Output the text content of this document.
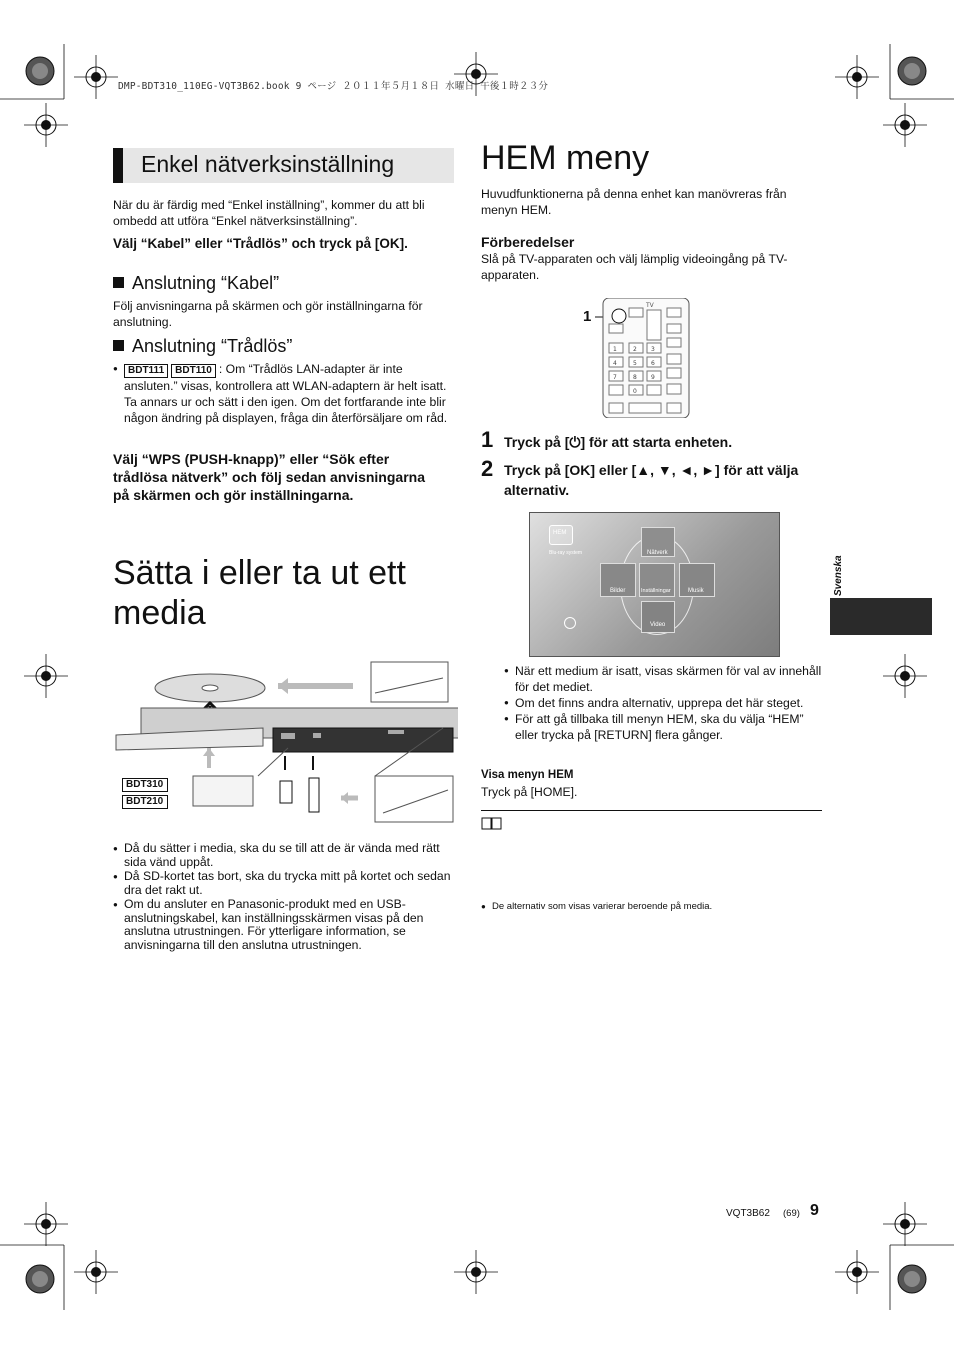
DMP-BDT310_110EG-VQT3B62.book 9 ページ ２０１１年５月１８日 水曜日 午後１時２３分
Enkel nätverksinställning
När du är färdig med “Enkel inställning”, kommer du att bli ombedd att utföra “Enkel nätverksinställning”.
Välj “Kabel” eller “Trådlös” och tryck på [OK].
Anslutning “Kabel”
Följ anvisningarna på skärmen och gör inställningarna för anslutning.
Anslutning “Trådlös”
● BDT111 BDT110 : Om “Trådlös LAN-adapter är inte ansluten.” visas, kontrollera att WLAN-adaptern är helt isatt. Ta annars ur och sätt i den igen. Om det fortfarande inte blir någon ändring på displayen, fråga din återförsäljare om råd.
Välj “WPS (PUSH-knapp)” eller “Sök efter trådlösa nätverk” och följ sedan anvisningarna på skärmen och gör inställningarna.
Sätta i eller ta ut ett
media
BDT310
BDT210
● Då du sätter i media, ska du se till att de är vända med rätt sida vänd uppåt.
● Då SD-kortet tas bort, ska du trycka mitt på kortet och sedan dra det rakt ut.
● Om du ansluter en Panasonic-produkt med en USB-anslutningskabel, kan inställningsskärmen visas på den anslutna utrustningen. För ytterligare information, se anvisningarna till den anslutna utrustningen.
HEM meny
Huvudfunktionerna på denna enhet kan manövreras från menyn HEM.
Förberedelser
Slå på TV-apparaten och välj lämplig videoingång på TV-apparaten.
1
TV
1	2 3
4	5 6
7	8 9
0
1 Tryck på [⏻] för att starta enheten.
2 Tryck på [OK] eller [▲, ▼, ◄, ►] för att välja alternativ.
HEM
Blu-ray system	Nätverk
Bilder	Inställningar	Musik
Video
● När ett medium är isatt, visas skärmen för val av innehåll för det mediet.
● Om det finns andra alternativ, upprepa det här steget.
● För att gå tillbaka till menyn HEM, ska du välja “HEM” eller trycka på [RETURN] flera gånger.
Visa menyn HEM
Tryck på [HOME].
● De alternativ som visas varierar beroende på media.
Svenska
VQT3B62 (69) 9
